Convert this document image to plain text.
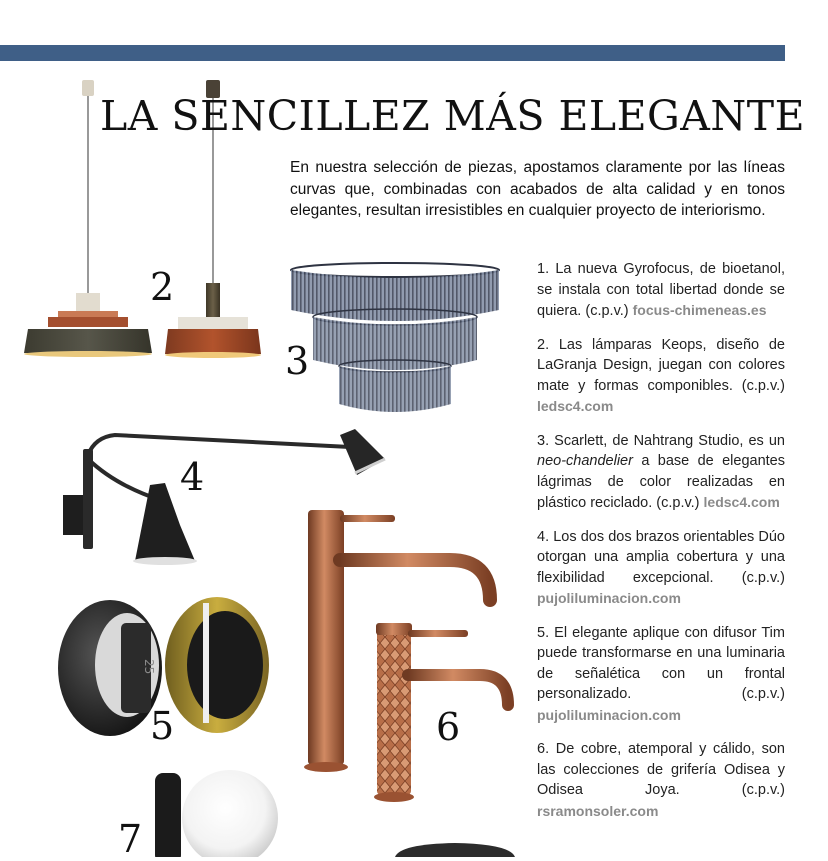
25
LA SENCILLEZ MÁS ELEGANTE

En nuestra selección de piezas, apostamos claramente por las líneas curvas que, combinadas con acabados de alta calidad y en tonos elegantes, resultan irresistibles en cualquier proyecto de interiorismo.

2
3
4
5	6
7

1. La nueva Gyrofocus, de bioetanol, se instala con total libertad donde se quiera. (c.p.v.) focus-chimeneas.es

2. Las lámparas Keops, diseño de LaGranja Design, juegan con colores mate y formas componibles. (c.p.v.) ledsc4.com

3. Scarlett, de Nahtrang Studio, es un neo-chandelier a base de elegantes lágrimas de color realizadas en plástico reciclado. (c.p.v.) ledsc4.com

4. Los dos dos brazos orientables Dúo otorgan una amplia cobertura y una flexibilidad excepcional. (c.p.v.) pujoliluminacion.com

5. El elegante aplique con difusor Tim puede transformarse en una luminaria de señalética con un frontal personalizado. (c.p.v.) pujoliluminacion.com

6. De cobre, atemporal y cálido, son las colecciones de grifería Odisea y Odisea Joya. (c.p.v.) rsramonsoler.com
